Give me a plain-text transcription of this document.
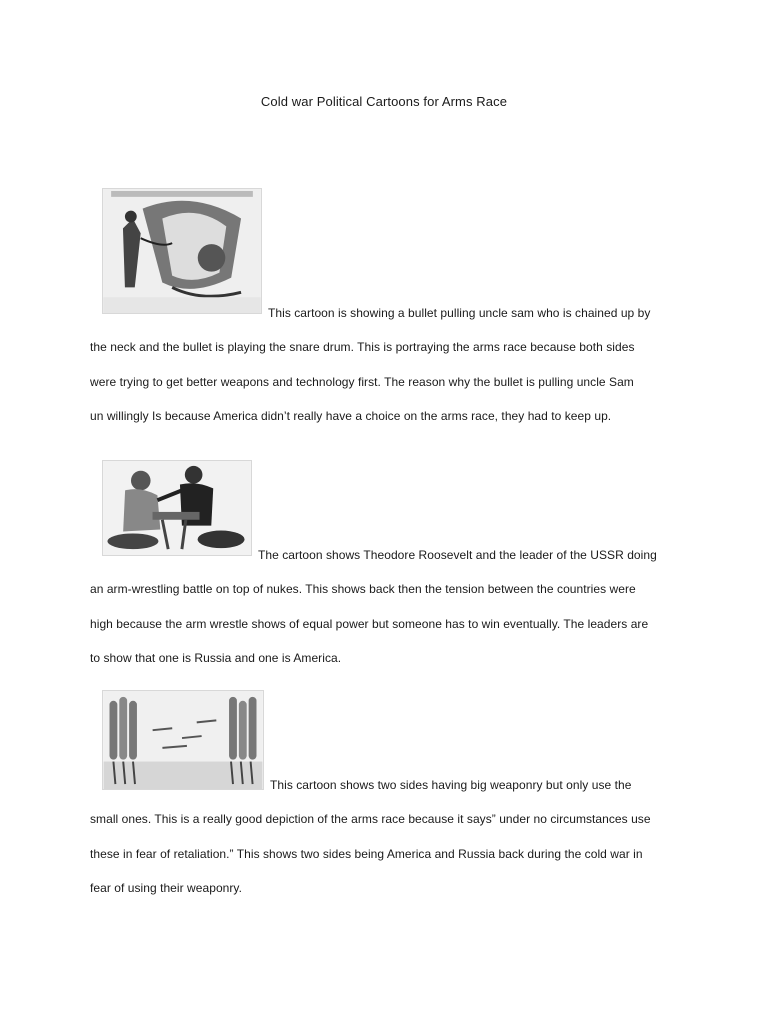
Cold war Political Cartoons for Arms Race
This cartoon is showing a bullet pulling uncle sam who is chained up by
the neck and the bullet is playing the snare drum. This is portraying the arms race because both sides
were trying to get better weapons and technology first. The reason why the bullet is pulling uncle Sam
un willingly Is because America didn’t really have a choice on the arms race, they had to keep up.
The cartoon shows Theodore Roosevelt and the leader of the USSR doing
an arm-wrestling battle on top of nukes. This shows back then the tension between the countries were
high because the arm wrestle shows of equal power but someone has to win eventually. The leaders are
to show that one is Russia and one is America.
This cartoon shows two sides having big weaponry but only use the
small ones. This is a really good depiction of the arms race because it says” under no circumstances use
these in fear of retaliation.” This shows two sides being America and Russia back during the cold war in
fear of using their weaponry.
